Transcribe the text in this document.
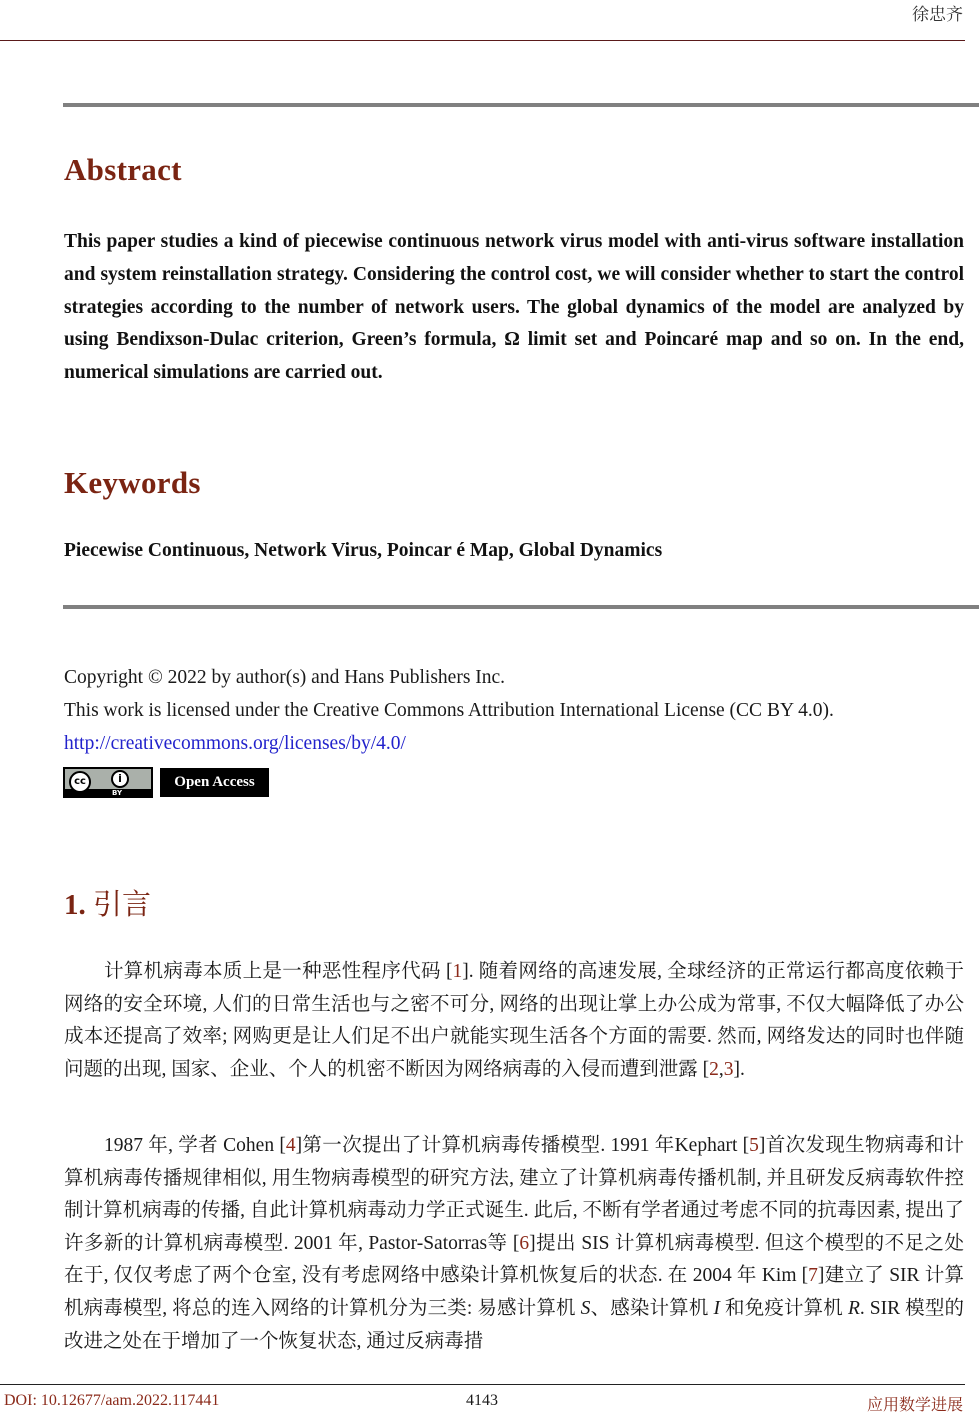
徐忠齐
Abstract
This paper studies a kind of piecewise continuous network virus model with anti-virus software installation and system reinstallation strategy. Considering the control cost, we will consider whether to start the control strategies according to the number of network users. The global dynamics of the model are analyzed by using Bendixson-Dulac criterion, Green’s formula, Ω limit set and Poincaré map and so on. In the end, numerical simulations are carried out.
Keywords
Piecewise Continuous, Network Virus, Poincar é Map, Global Dynamics
Copyright © 2022 by author(s) and Hans Publishers Inc.
This work is licensed under the Creative Commons Attribution International License (CC BY 4.0).
http://creativecommons.org/licenses/by/4.0/
cc	i
BY
Open Access
1. 引言
计算机病毒本质上是一种恶性程序代码 [1]. 随着网络的高速发展, 全球经济的正常运行都高度依赖于网络的安全环境, 人们的日常生活也与之密不可分, 网络的出现让掌上办公成为常事, 不仅大幅降低了办公成本还提高了效率; 网购更是让人们足不出户就能实现生活各个方面的需要. 然而, 网络发达的同时也伴随问题的出现, 国家、企业、个人的机密不断因为网络病毒的入侵而遭到泄露 [2,3].
1987 年, 学者 Cohen [4]第一次提出了计算机病毒传播模型. 1991 年Kephart [5]首次发现生物病毒和计算机病毒传播规律相似, 用生物病毒模型的研究方法, 建立了计算机病毒传播机制, 并且研发反病毒软件控制计算机病毒的传播, 自此计算机病毒动力学正式诞生. 此后, 不断有学者通过考虑不同的抗毒因素, 提出了许多新的计算机病毒模型. 2001 年, Pastor-Satorras等 [6]提出 SIS 计算机病毒模型. 但这个模型的不足之处在于, 仅仅考虑了两个仓室, 没有考虑网络中感染计算机恢复后的状态. 在 2004 年 Kim [7]建立了 SIR 计算机病毒模型, 将总的连入网络的计算机分为三类: 易感计算机 S、感染计算机 I 和免疫计算机 R. SIR 模型的改进之处在于增加了一个恢复状态, 通过反病毒措
DOI: 10.12677/aam.2022.117441	4143	应用数学进展
